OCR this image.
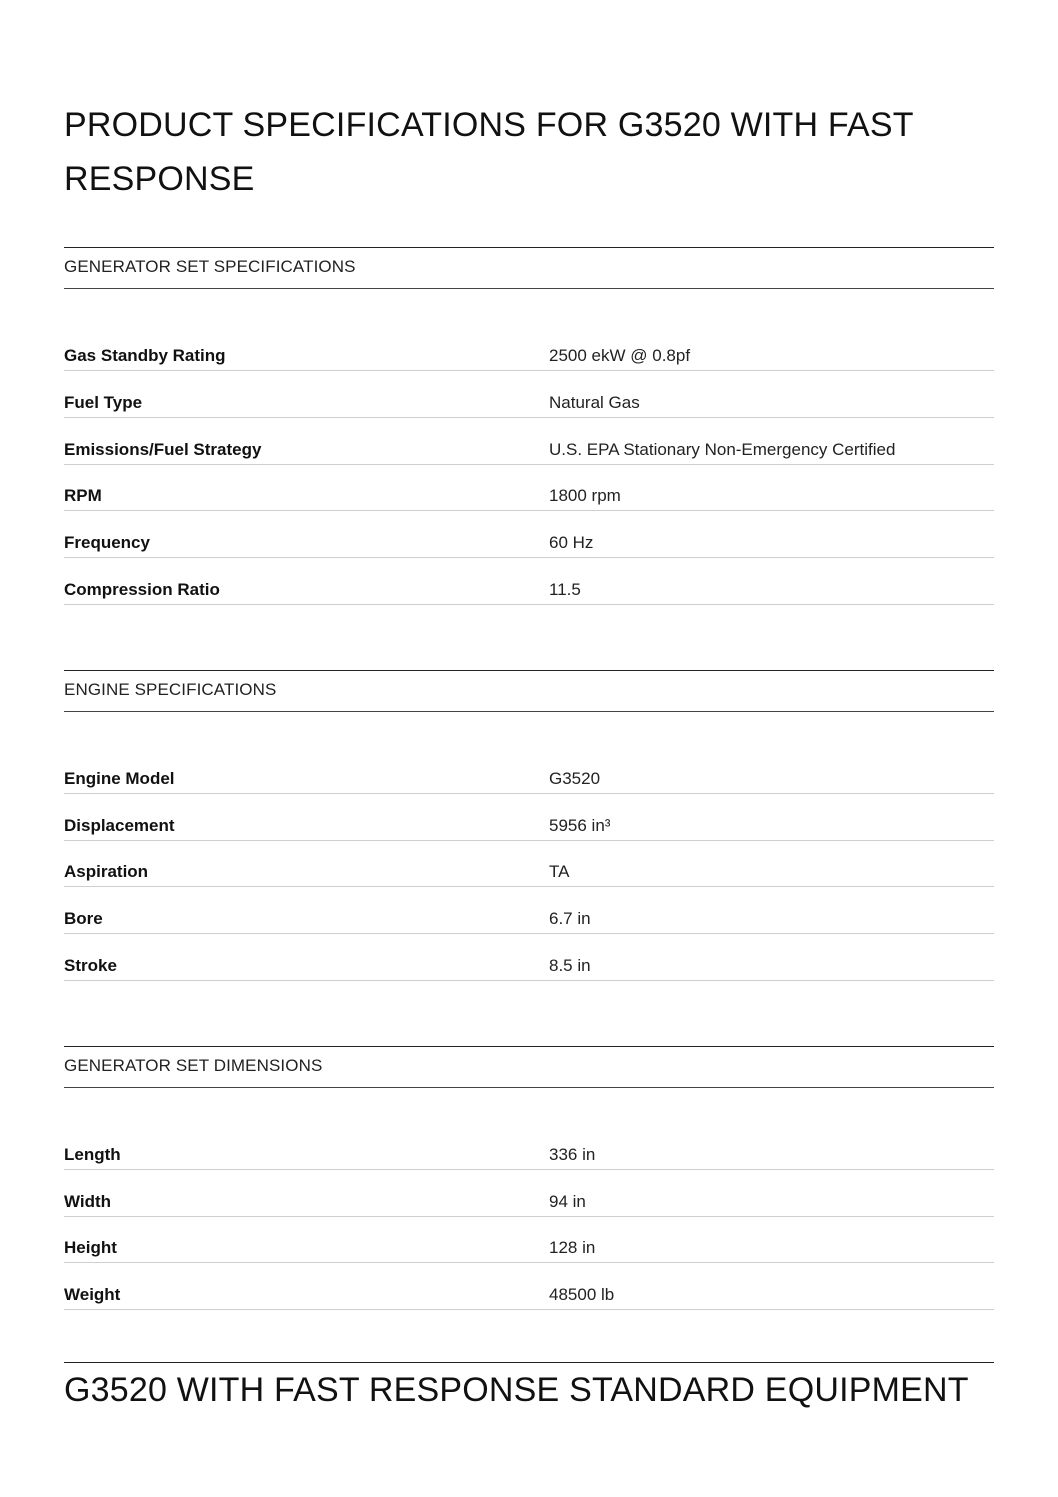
PRODUCT SPECIFICATIONS FOR G3520 WITH FAST RESPONSE
GENERATOR SET SPECIFICATIONS
Gas Standby Rating	2500 ekW @ 0.8pf
Fuel Type	Natural Gas
Emissions/Fuel Strategy	U.S. EPA Stationary Non-Emergency Certified
RPM	1800 rpm
Frequency	60 Hz
Compression Ratio	11.5
ENGINE SPECIFICATIONS
Engine Model	G3520
Displacement	5956 in³
Aspiration	TA
Bore	6.7 in
Stroke	8.5 in
GENERATOR SET DIMENSIONS
Length	336 in
Width	94 in
Height	128 in
Weight	48500 lb
G3520 WITH FAST RESPONSE STANDARD EQUIPMENT
